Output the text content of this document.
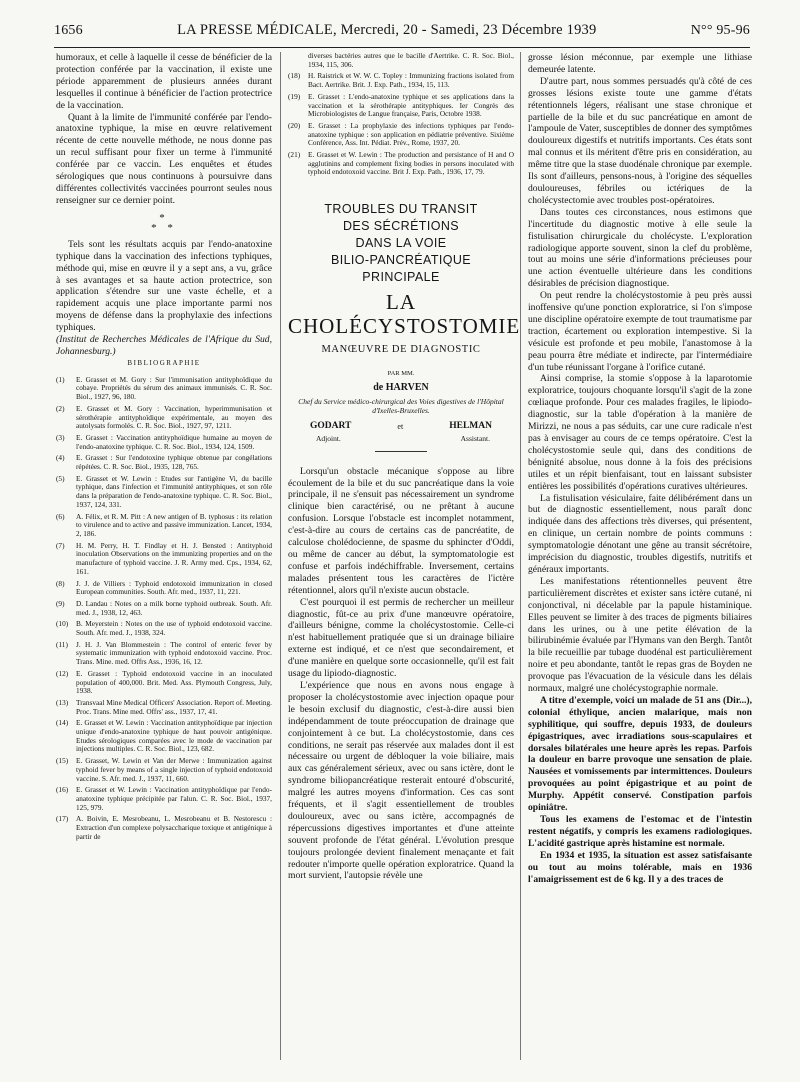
1656	LA PRESSE MÉDICALE, Mercredi, 20 - Samedi, 23 Décembre 1939	N°° 95-96

humoraux, et celle à laquelle il cesse de bénéficier de la protection conférée par la vaccination, il existe une période apparemment de plusieurs années durant lesquelles il continue à bénéficier de l'action protectrice de la vaccination.

Quant à la limite de l'immunité conférée par l'endo-anatoxine typhique, la mise en œuvre relativement récente de cette nouvelle méthode, ne nous donne pas un recul suffisant pour fixer un terme à l'immunité conférée par ce vaccin. Les enquêtes et études sérologiques que nous continuons à poursuivre dans différentes collectivités vaccinées pourront seules nous renseigner sur ce dernier point.

*
* *

Tels sont les résultats acquis par l'endo-anatoxine typhique dans la vaccination des infections typhiques, méthode qui, mise en œuvre il y a sept ans, a vu, grâce à ses avantages et sa haute action protectrice, son application s'étendre sur une vaste échelle, et a rapidement acquis une place importante parmi nos moyens de défense dans la prophylaxie des infections typhiques.

(Institut de Recherches Médicales de l'Afrique du Sud, Johannesburg.)

BIBLIOGRAPHIE
(1)	E. Grasset et M. Gory : Sur l'immunisation antityphoïdique du cobaye. Propriétés du sérum des animaux immunisés. C. R. Soc. Biol., 1927, 96, 180.
(2)	E. Grasset et M. Gory : Vaccination, hyperimmunisation et sérothérapie antityphoïdique expérimentale, au moyen des autolysats formolés. C. R. Soc. Biol., 1927, 97, 1211.
(3)	E. Grasset : Vaccination antityphoïdique humaine au moyen de l'endo-anatoxine typhique. C. R. Soc. Biol., 1934, 124, 1509.
(4)	E. Grasset : Sur l'endotoxine typhique obtenue par congélations répétées. C. R. Soc. Biol., 1935, 128, 765.
(5)	E. Grasset et W. Lewin : Etudes sur l'antigène Vi, du bacille typhique, dans l'infection et l'immunité antityphiques, et son rôle dans la préparation de l'endo-anatoxine typhique. C. R. Soc. Biol., 1937, 124, 331.
(6)	A. Félix, et R. M. Pitt : A new antigen of B. typhosus : its relation to virulence and to active and passive immunization. Lancet, 1934, 2, 186.
(7)	H. M. Perry, H. T. Findlay et H. J. Bensted : Antityphoid inoculation Observations on the immunizing properties and on the manufacture of typhoid vaccine. J. R. Army med. Cps., 1934, 62, 161.
(8)	J. J. de Villiers : Typhoid endotoxoid immunization in closed European communities. South. Afr. med., 1937, 11, 221.
(9)	D. Landau : Notes on a milk borne typhoid outbreak. South. Afr. med. J., 1938, 12, 463.
(10)	B. Meyerstein : Notes on the use of typhoid endotoxoid vaccine. South. Afr. med. J., 1938, 324.
(11)	J. H. J. Van Blommestein : The control of enteric fever by systematic immunization with typhoid endotoxoid vaccine. Proc. Trans. Mine. med. Offrs Ass., 1936, 16, 12.
(12)	E. Grasset : Typhoid endotoxoid vaccine in an inoculated population of 400,000. Brit. Med. Ass. Plymouth Congress, July, 1938.
(13)	Transvaal Mine Medical Officers' Association. Report of. Meeting. Proc. Trans. Mine med. Offrs' ass., 1937, 17, 41.
(14)	E. Grasset et W. Lewin : Vaccination antityphoïdique par injection unique d'endo-anatoxine typhique de haut pouvoir antigénique. Etudes sérologiques comparées avec le mode de vaccination par injections multiples. C. R. Soc. Biol., 123, 682.
(15)	E. Grasset, W. Lewin et Van der Merwe : Immunization against typhoid fever by means of a single injection of typhoid endotoxoid vaccine. S. Afr. med. J., 1937, 11, 660.
(16)	E. Grasset et W. Lewin : Vaccination antityphoïdique par l'endo-anatoxine typhique précipitée par l'alun. C. R. Soc. Biol., 1937, 125, 979.
(17)	A. Boivin, E. Mesrobeanu, L. Mesrobeanu et B. Nestorescu : Extraction d'un complexe polysaccharique toxique et antigénique à partir de
diverses bactéries autres que le bacille d'Aertrike. C. R. Soc. Biol., 1934, 115, 306.
(18)	H. Raistrick et W. W. C. Topley : Immunizing fractions isolated from Bact. Aertrike. Brit. J. Exp. Path., 1934, 15, 113.
(19)	E. Grasset : L'endo-anatoxine typhique et ses applications dans la vaccination et la sérothérapie antityphiques. Ier Congrès des Microbiologistes de Langue française, Paris, Octobre 1938.
(20)	E. Grasset : La prophylaxie des infections typhiques par l'endo-anatoxine typhique : son application en pédiatrie préventive. Sixième Conférence, Ass. Int. Pédiat. Prév., Rome, 1937, 20.
(21)	E. Grasset et W. Lewin : The production and persistance of H and O agglutinins and complement fixing bodies in persons inoculated with typhoid endotoxoid vaccine. Brit J. Exp. Path., 1936, 17, 79.
TROUBLES DU TRANSIT
DES SÉCRÉTIONS
DANS LA VOIE
BILIO-PANCRÉATIQUE
PRINCIPALE
LA CHOLÉCYSTOSTOMIE
MANŒUVRE DE DIAGNOSTIC
PAR MM.
de HARVEN
Chef du Service médico-chirurgical des Voies digestives de l'Hôpital d'Ixelles-Bruxelles.
GODART	et	HELMAN
Adjoint.	Assistant.

Lorsqu'un obstacle mécanique s'oppose au libre écoulement de la bile et du suc pancréatique dans la voie principale, il ne s'ensuit pas nécessairement un syndrome clinique bien caractérisé, ou ne prêtant à aucune confusion. Lorsque l'obstacle est incomplet notamment, c'est-à-dire au cours de certains cas de pancréatite, de calculose cholédocienne, de spasme du sphincter d'Oddi, ou même de cancer au début, la symptomatologie est confuse et parfois indéchiffrable. Inversement, certains malades présentent tous les caractères de l'ictère rétentionnel, alors qu'il n'existe aucun obstacle.

C'est pourquoi il est permis de rechercher un meilleur diagnostic, fût-ce au prix d'une manœuvre opératoire, d'ailleurs bénigne, comme la cholécystostomie. Celle-ci n'est habituellement pratiquée que si un drainage biliaire externe est indiqué, et ce n'est que secondairement, et d'une manière en quelque sorte occasionnelle, qu'il est fait usage du lipiodo-diagnostic.

L'expérience que nous en avons nous engage à proposer la cholécystostomie avec injection opaque pour le besoin exclusif du diagnostic, c'est-à-dire aussi bien indépendamment de toute préoccupation de drainage que conjointement à ce but. La cholécystostomie, dans ces conditions, ne serait pas réservée aux malades dont il est nécessaire ou urgent de débloquer la voie biliaire, mais aux cas généralement sérieux, avec ou sans ictère, dont le syndrome biliopancréatique resterait entouré d'obscurité, malgré les autres moyens d'information. Ces cas sont fréquents, et il s'agit essentiellement de troubles douloureux, avec ou sans ictère, accompagnés de répercussions digestives importantes et d'une atteinte souvent profonde de l'état général. L'évolution presque toujours prolongée devient finalement menaçante et fait redouter n'importe quelle opération exploratrice. Quand la mort survient, l'autopsie révèle une

grosse lésion méconnue, par exemple une lithiase demeurée latente.

D'autre part, nous sommes persuadés qu'à côté de ces grosses lésions existe toute une gamme d'états rétentionnels légers, réalisant une stase chronique et partielle de la bile et du suc pancréatique en amont de l'ampoule de Vater, susceptibles de donner des symptômes douloureux digestifs et nutritifs importants. Ces états sont mal connus et ils méritent d'être pris en considération, au même titre que la stase duodénale chronique par exemple. Ils sont d'ailleurs, pensons-nous, à l'origine des séquelles douloureuses, fébriles ou ictériques de la cholécystectomie avec troubles post-opératoires.

Dans toutes ces circonstances, nous estimons que l'incertitude du diagnostic motive à elle seule la fistulisation chirurgicale du cholécyste. L'exploration radiologique apporte souvent, sinon la clef du problème, tout au moins une série d'informations précieuses pour une action éventuelle ultérieure dans les conditions désirables de précision diagnostique.

On peut rendre la cholécystostomie à peu près aussi inoffensive qu'une ponction exploratrice, si l'on s'impose une discipline opératoire exempte de tout traumatisme par traction, écartement ou exploration intempestive. Si la vésicule est profonde et peu mobile, l'anastomose à la peau pourra être médiate et indirecte, par l'intermédiaire d'un tube réunissant l'organe à l'orifice cutané.

Ainsi comprise, la stomie s'oppose à la laparotomie exploratrice, toujours choquante lorsqu'il s'agit de la zone cœliaque profonde. Pour ces malades fragiles, le lipiodo-diagnostic, sur la table d'opération à la manière de Mirizzi, ne nous a pas séduits, car une cure radicale n'est pas à envisager au cours de ce temps opératoire. C'est la cholécystostomie seule qui, dans des conditions de bénignité absolue, nous donne à la fois des précisions utiles et un répit bienfaisant, tout en laissant subsister entières les possibilités d'opérations curatives ultérieures.

La fistulisation vésiculaire, faite délibérément dans un but de diagnostic essentiellement, nous paraît donc indiquée dans des affections très diverses, qui présentent, en clinique, un certain nombre de points communs : symptomatologie dénotant une gêne au transit sécrétoire, imprécision du diagnostic, troubles digestifs, nutritifs et généraux importants.

Les manifestations rétentionnelles peuvent être particulièrement discrètes et exister sans ictère cutané, ni conjonctival, ni décelable par la papule histaminique. Elles peuvent se limiter à des traces de pigments biliaires dans les urines, ou à une petite élévation de la bilirubinémie évaluée par l'Hymans van den Bergh. Tantôt la bile recueillie par tubage duodénal est particulièrement noire et peu abondante, tantôt le repas gras de Boyden ne provoque pas l'évacuation de la vésicule dans les délais normaux, malgré une cholécystographie normale.

A titre d'exemple, voici un malade de 51 ans (Dir...), colonial éthylique, ancien malarique, mais non syphilitique, qui souffre, depuis 1933, de douleurs épigastriques, avec irradiations sous-scapulaires et dorsales bilatérales une heure après les repas. Parfois la douleur en barre provoque une sensation de plaie. Nausées et vomissements par intermittences. Douleurs provoquées au point épigastrique et au point de Murphy. Appétit conservé. Constipation parfois opiniâtre.

Tous les examens de l'estomac et de l'intestin restent négatifs, y compris les examens radiologiques. L'acidité gastrique après histamine est normale.

En 1934 et 1935, la situation est assez satisfaisante ou tout au moins tolérable, mais en 1936 l'amaigrissement est de 6 kg. Il y a des traces de
